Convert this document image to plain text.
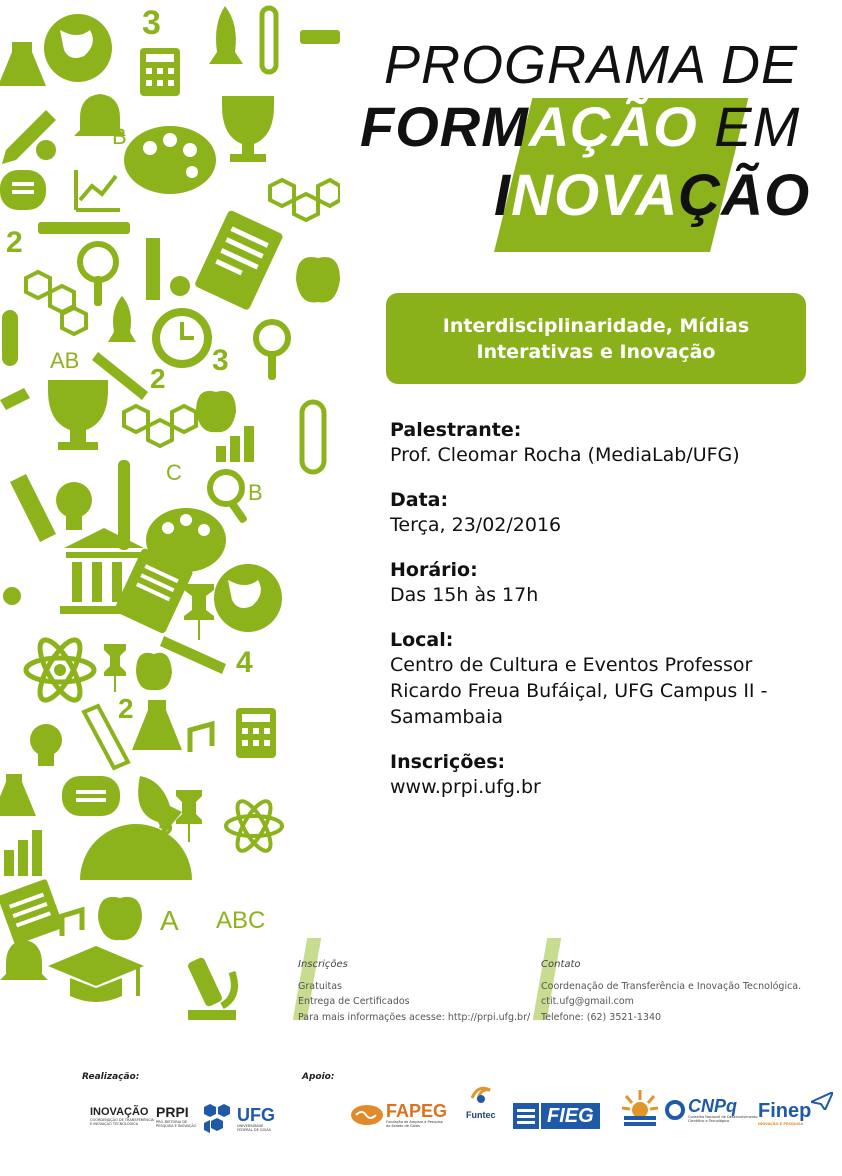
3
B
2
AB	3
2
C
B
4
2
2
A ABC
PROGRAMA DE
FORMAÇÃO EM
INOVAÇÃO
Interdisciplinaridade, Mídias
Interativas e Inovação
Palestrante:
Prof. Cleomar Rocha (MediaLab/UFG)
Data:
Terça, 23/02/2016
Horário:
Das 15h às 17h
Local:
Centro de Cultura e Eventos Professor
Ricardo Freua Bufáiçal, UFG Campus II -
Samambaia
Inscrições:
www.prpi.ufg.br
Inscrições
Gratuitas
Entrega de Certificados
Para mais informações acesse: http://prpi.ufg.br/
Contato
Coordenação de Transferência e Inovação Tecnológica.
ctit.ufg@gmail.com
Telefone: (62) 3521-1340
Realização:	Apoio:
INOVAÇÃO
COORDENAÇÃO DE TRANSFERÊNCIA
E INOVAÇÃO TECNOLÓGICA
PRPI
PRÓ-REITORIA DE
PESQUISA E INOVAÇÃO
UFG
UNIVERSIDADE
FEDERAL DE GOIÁS
FAPEG
Fundação de Amparo à Pesquisa
do Estado de Goiás
Funtec	FIEG	CNPq
Conselho Nacional de Desenvolvimento
Científico e Tecnológico	Finep
INOVAÇÃO E PESQUISA
